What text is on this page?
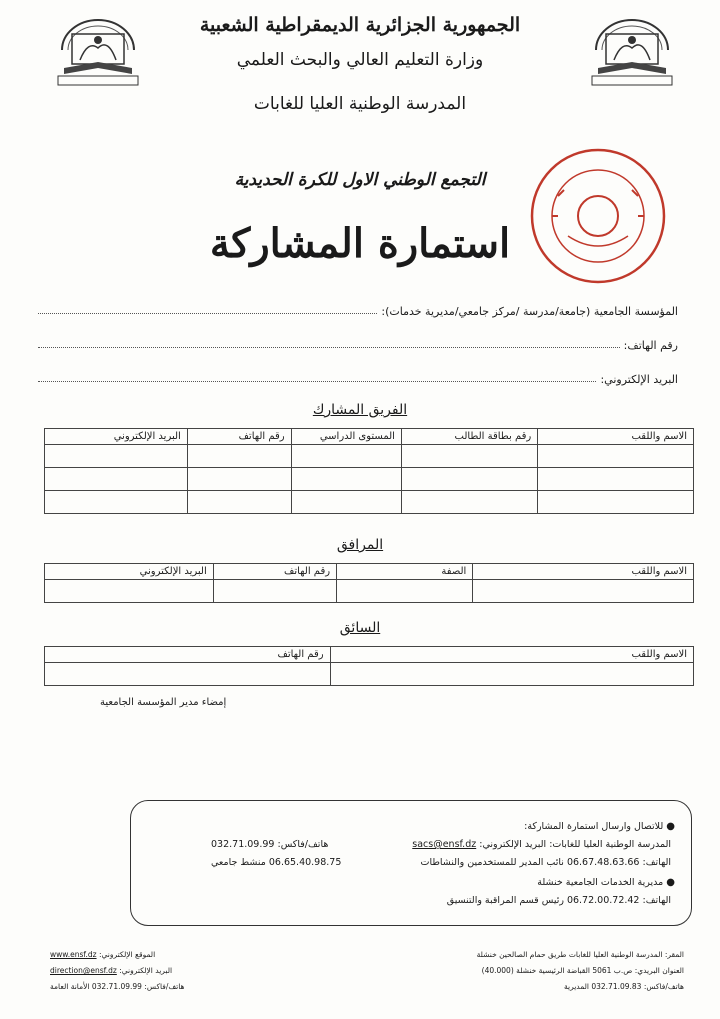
الجمهورية الجزائرية الديمقراطية الشعبية
وزارة التعليم العالي والبحث العلمي
المدرسة الوطنية العليا للغابات
التجمع الوطني الاول للكرة الحديدية
استمارة المشاركة
المؤسسة الجامعية (جامعة/مدرسة /مركز جامعي/مديرية خدمات):
رقم الهاتف:
البريد الإلكتروني:
الفريق المشارك
الاسم واللقب	رقم بطاقة الطالب	المستوى الدراسي	رقم الهاتف	البريد الإلكتروني

المرافق
الاسم واللقب	الصفة	رقم الهاتف	البريد الإلكتروني

السائق
الاسم واللقب	رقم الهاتف

إمضاء مدير المؤسسة الجامعية
● للاتصال وارسال استمارة المشاركة:
المدرسة الوطنية العليا للغابات: البريد الإلكتروني: sacs@ensf.dz
هاتف/فاكس: 032.71.09.99
الهاتف: 06.67.48.63.66 نائب المدير للمستخدمين والنشاطات
06.65.40.98.75 منشط جامعي
● مديرية الخدمات الجامعية خنشلة
الهاتف: 06.72.00.72.42 رئيس قسم المراقبة والتنسيق
المقر: المدرسة الوطنية العليا للغابات طريق حمام الصالحين خنشلة
العنوان البريدي: ص.ب 5061 القباضة الرئيسية خنشلة (40.000)
هاتف/فاكس: 032.71.09.83 المديرية
الموقع الإلكتروني: www.ensf.dz
البريد الإلكتروني: direction@ensf.dz
هاتف/فاكس: 032.71.09.99 الأمانة العامة
